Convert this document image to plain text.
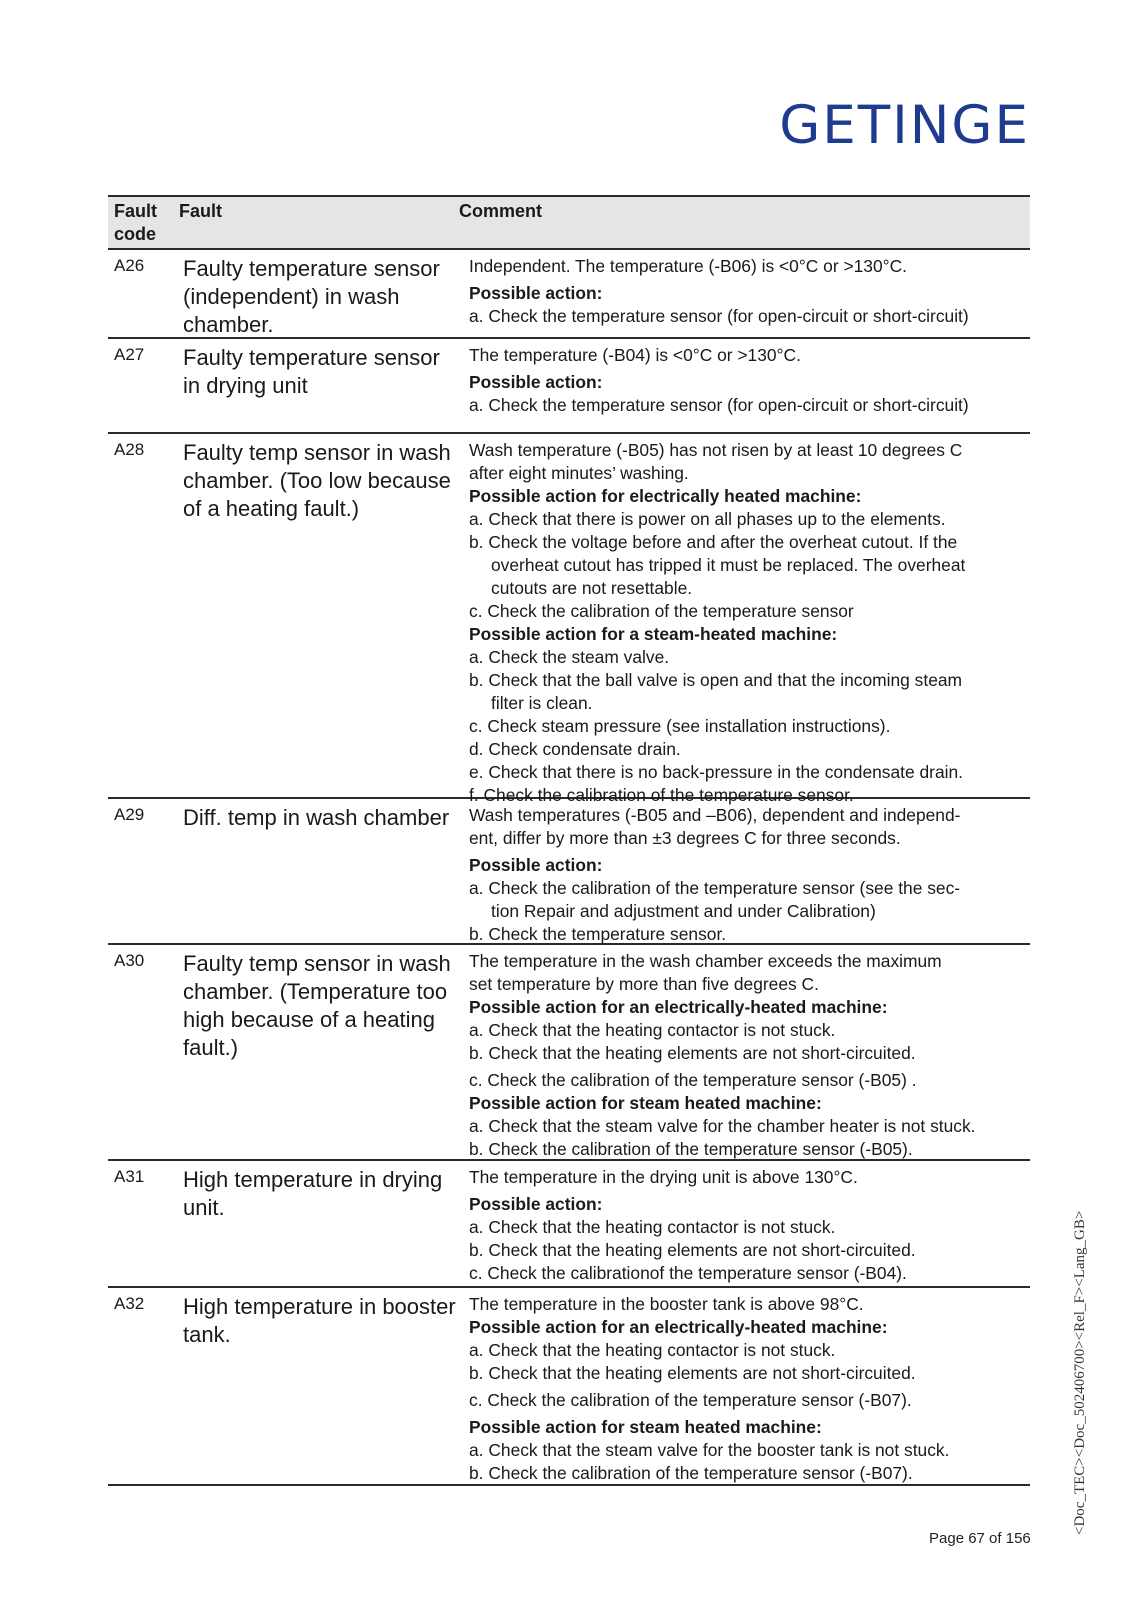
GETINGE
Fault code
Fault	Comment
A26 Faulty temperature sensor (independent) in wash chamber.
Independent. The temperature (-B06) is <0°C or >130°C.
Possible action:
a. Check the temperature sensor (for open-circuit or short-circuit)
A27 Faulty temperature sensor in drying unit
The temperature (-B04) is <0°C or >130°C.
Possible action:
a. Check the temperature sensor (for open-circuit or short-circuit)
A28 Faulty temp sensor in wash chamber. (Too low because of a heating fault.)
Wash temperature (-B05) has not risen by at least 10 degrees C
after eight minutes’ washing.
Possible action for electrically heated machine:
a. Check that there is power on all phases up to the elements.
b. Check the voltage before and after the overheat cutout. If the
overheat cutout has tripped it must be replaced. The overheat
cutouts are not resettable.
c. Check the calibration of the temperature sensor
Possible action for a steam-heated machine:
a. Check the steam valve.
b. Check that the ball valve is open and that the incoming steam
filter is clean.
c. Check steam pressure (see installation instructions).
d. Check condensate drain.
e. Check that there is no back-pressure in the condensate drain.
f. Check the calibration of the temperature sensor.
A29 Diff. temp in wash chamber	Wash temperatures (-B05 and –B06), dependent and independ-
ent, differ by more than ±3 degrees C for three seconds.
Possible action:
a. Check the calibration of the temperature sensor (see the sec-
tion Repair and adjustment and under Calibration)
b. Check the temperature sensor.
A30 Faulty temp sensor in wash chamber. (Temperature too high because of a heating fault.)
The temperature in the wash chamber exceeds the maximum
set temperature by more than five degrees C.
Possible action for an electrically-heated machine:
a. Check that the heating contactor is not stuck.
b. Check that the heating elements are not short-circuited.
c. Check the calibration of the temperature sensor (-B05) .
Possible action for steam heated machine:
a. Check that the steam valve for the chamber heater is not stuck.
b. Check the calibration of the temperature sensor (-B05).
A31 High temperature in drying unit.
The temperature in the drying unit is above 130°C.
Possible action:
a. Check that the heating contactor is not stuck.
b. Check that the heating elements are not short-circuited.
c. Check the calibrationof the temperature sensor (-B04).
A32 High temperature in booster tank.
The temperature in the booster tank is above 98°C.
Possible action for an electrically-heated machine:
a. Check that the heating contactor is not stuck.
b. Check that the heating elements are not short-circuited.
c. Check the calibration of the temperature sensor (-B07).
Possible action for steam heated machine:
a. Check that the steam valve for the booster tank is not stuck.
b. Check the calibration of the temperature sensor (-B07).
Page 67 of 156
<Doc_TEC><Doc_502406700><Rel_F><Lang_GB>
